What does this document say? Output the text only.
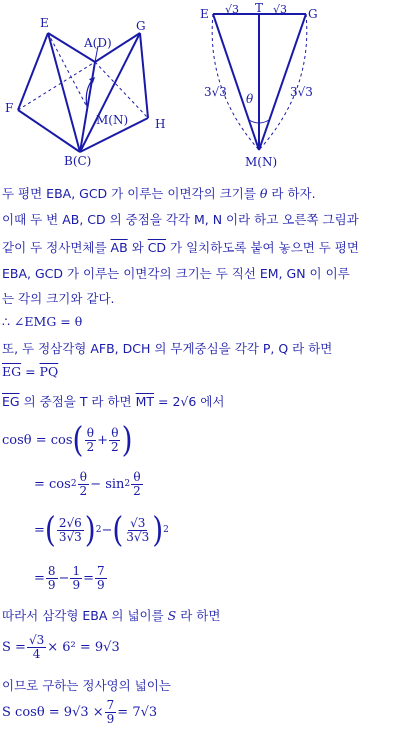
E	G
A(D)
F
M(N) H
B(C)
E	G
T
√3	√3
3√3	3√3
θ
M(N)
두 평면 EBA, GCD 가 이루는 이면각의 크기를 θ 라 하자.
이때 두 변 AB, CD 의 중점을 각각 M, N 이라 하고 오른쪽 그림과
같이 두 정사면체를 $\overline{AB}$ 와 $\overline{CD}$ 가 일치하도록 붙여 놓으면 두 평면
EBA, GCD 가 이루는 이면각의 크기는 두 직선 EM, GN 이 이루
는 각의 크기와 같다.
∴ ∠EMG = θ
또, 두 정삼각형 AFB, DCH 의 무게중심을 각각 P, Q 라 하면
$\overline{EG} = \overline{PQ}$
$\overline{EG}$ 의 중점을 T 라 하면 $\overline{MT} = 2√6$ 에서
cosθ = cos ( $\frac{\theta}{2} + \frac{\theta}{2}$ )
= $\cos 2 \frac{\theta}{2} - \sin 2 \frac{\theta}{2}$
= ( $\frac{2√6}{3√3}$ ) 2 − ( $\frac{√3}{3√3}$ ) 2
= $\frac{8}{9} - \frac{1}{9} = \frac{7}{9}$
따라서 삼각형 EBA 의 넓이를 S 라 하면
$S = \frac{√3}{4} \times 6^2 = 9√3$
이므로 구하는 정사영의 넓이는
S $\cos\theta = 9√3 \times \frac{7}{9} = 7√3$
